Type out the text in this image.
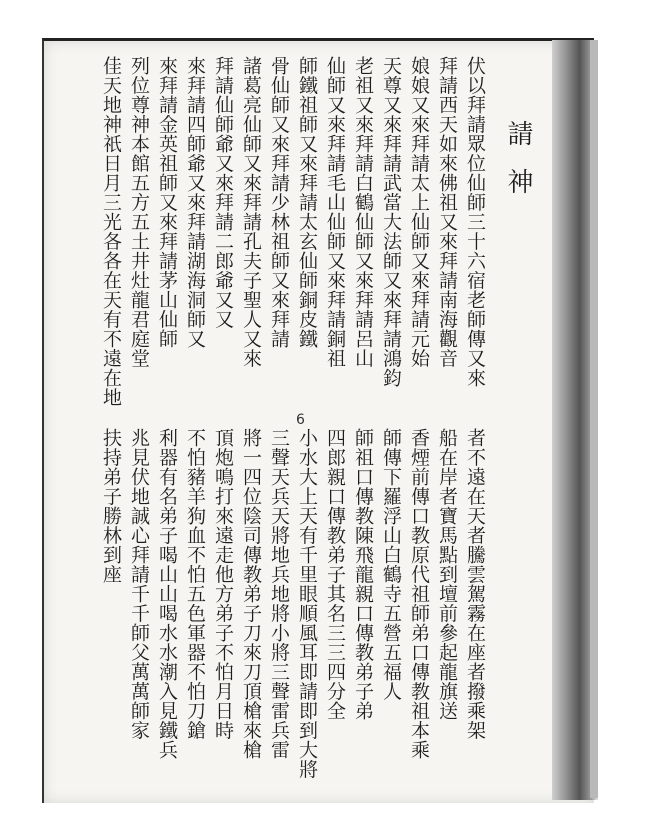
請神
伏以拜請眾位仙師三十六宿老師傳又來
拜請西天如來佛祖又來拜請南海觀音
娘娘又來拜請太上仙師又來拜請元始
天尊又來拜請武當大法師又來拜請鴻鈞
老祖又來拜請白鶴仙師又來拜請呂山
仙師又來拜請毛山仙師又來拜請銅祖
師鐵祖師又來拜請太玄仙師銅皮鐵
骨仙師又來拜請少林祖師又來拜請
諸葛亮仙師又來拜請孔夫子聖人又來
拜請仙師爺又來拜請二郎爺又又
來拜請四師爺又來拜請湖海洞師又
來拜請金英祖師又來拜請茅山仙師
列位尊神本館五方五土井灶龍君庭堂
佳天地神祇日月三光各各在天有不遠在地
6
者不遠在天者騰雲駕霧在座者撥乘架
船在岸者寶馬點到壇前參起龍旗送
香煙前傳口教原代祖師弟口傳教祖本乘
師傳下羅浮山白鶴寺五營五福人
師祖口傳教陳飛龍親口傳教弟子弟
四郎親口傳教弟子其名三三四分全
小水大上天有千里眼順風耳即請即到大將
三聲天兵天將地兵地將小將三聲雷兵雷
將一四位陰司傳教弟子刀來刀頂槍來槍
頂炮鳴打來遠走他方弟子不怕月日時
不怕豬羊狗血不怕五色軍器不怕刀鎗
利器有名弟子喝山山喝水水潮入見鐵兵
兆見伏地誠心拜請千千師父萬萬師家
扶持弟子勝林到座
